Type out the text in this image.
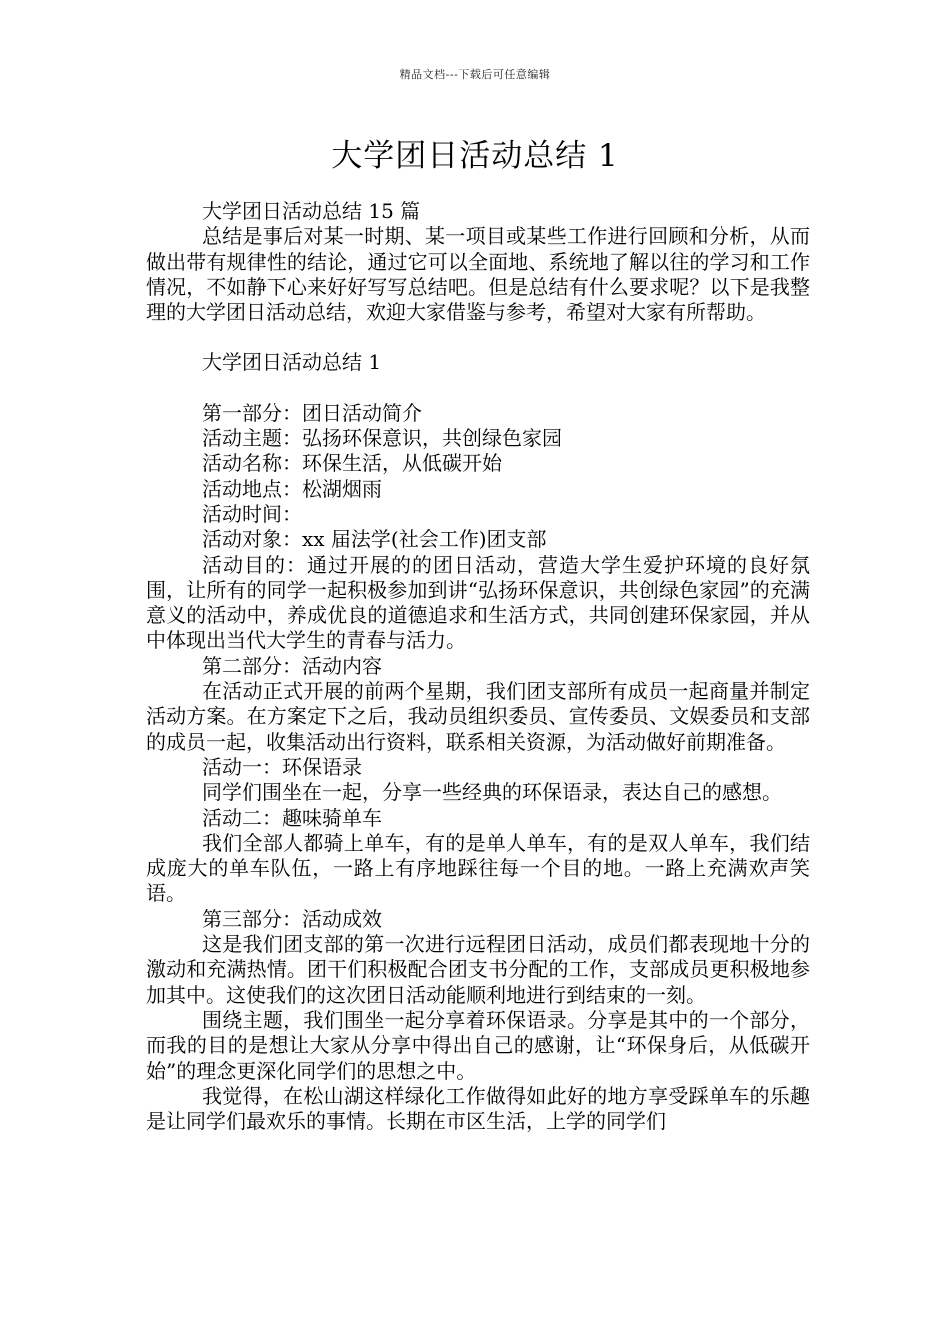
精品文档---下载后可任意编辑
大学团日活动总结 1

大学团日活动总结 15 篇

总结是事后对某一时期、某一项目或某些工作进行回顾和分析，从而做出带有规律性的结论，通过它可以全面地、系统地了解以往的学习和工作情况，不如静下心来好好写写总结吧。但是总结有什么要求呢？以下是我整理的大学团日活动总结，欢迎大家借鉴与参考，希望对大家有所帮助。

大学团日活动总结 1

第一部分：团日活动简介

活动主题：弘扬环保意识，共创绿色家园

活动名称：环保生活，从低碳开始

活动地点：松湖烟雨

活动时间：

活动对象：xx 届法学(社会工作)团支部

活动目的：通过开展的的团日活动，营造大学生爱护环境的良好氛围，让所有的同学一起积极参加到讲“弘扬环保意识，共创绿色家园”的充满意义的活动中，养成优良的道德追求和生活方式，共同创建环保家园，并从中体现出当代大学生的青春与活力。

第二部分：活动内容

在活动正式开展的前两个星期，我们团支部所有成员一起商量并制定活动方案。在方案定下之后，我动员组织委员、宣传委员、文娱委员和支部的成员一起，收集活动出行资料，联系相关资源，为活动做好前期准备。

活动一：环保语录

同学们围坐在一起，分享一些经典的环保语录，表达自己的感想。

活动二：趣味骑单车

我们全部人都骑上单车，有的是单人单车，有的是双人单车，我们结成庞大的单车队伍，一路上有序地踩往每一个目的地。一路上充满欢声笑语。

第三部分：活动成效

这是我们团支部的第一次进行远程团日活动，成员们都表现地十分的激动和充满热情。团干们积极配合团支书分配的工作，支部成员更积极地参加其中。这使我们的这次团日活动能顺利地进行到结束的一刻。

围绕主题，我们围坐一起分享着环保语录。分享是其中的一个部分，而我的目的是想让大家从分享中得出自己的感谢，让“环保身后，从低碳开始”的理念更深化同学们的思想之中。

我觉得，在松山湖这样绿化工作做得如此好的地方享受踩单车的乐趣是让同学们最欢乐的事情。长期在市区生活，上学的同学们
